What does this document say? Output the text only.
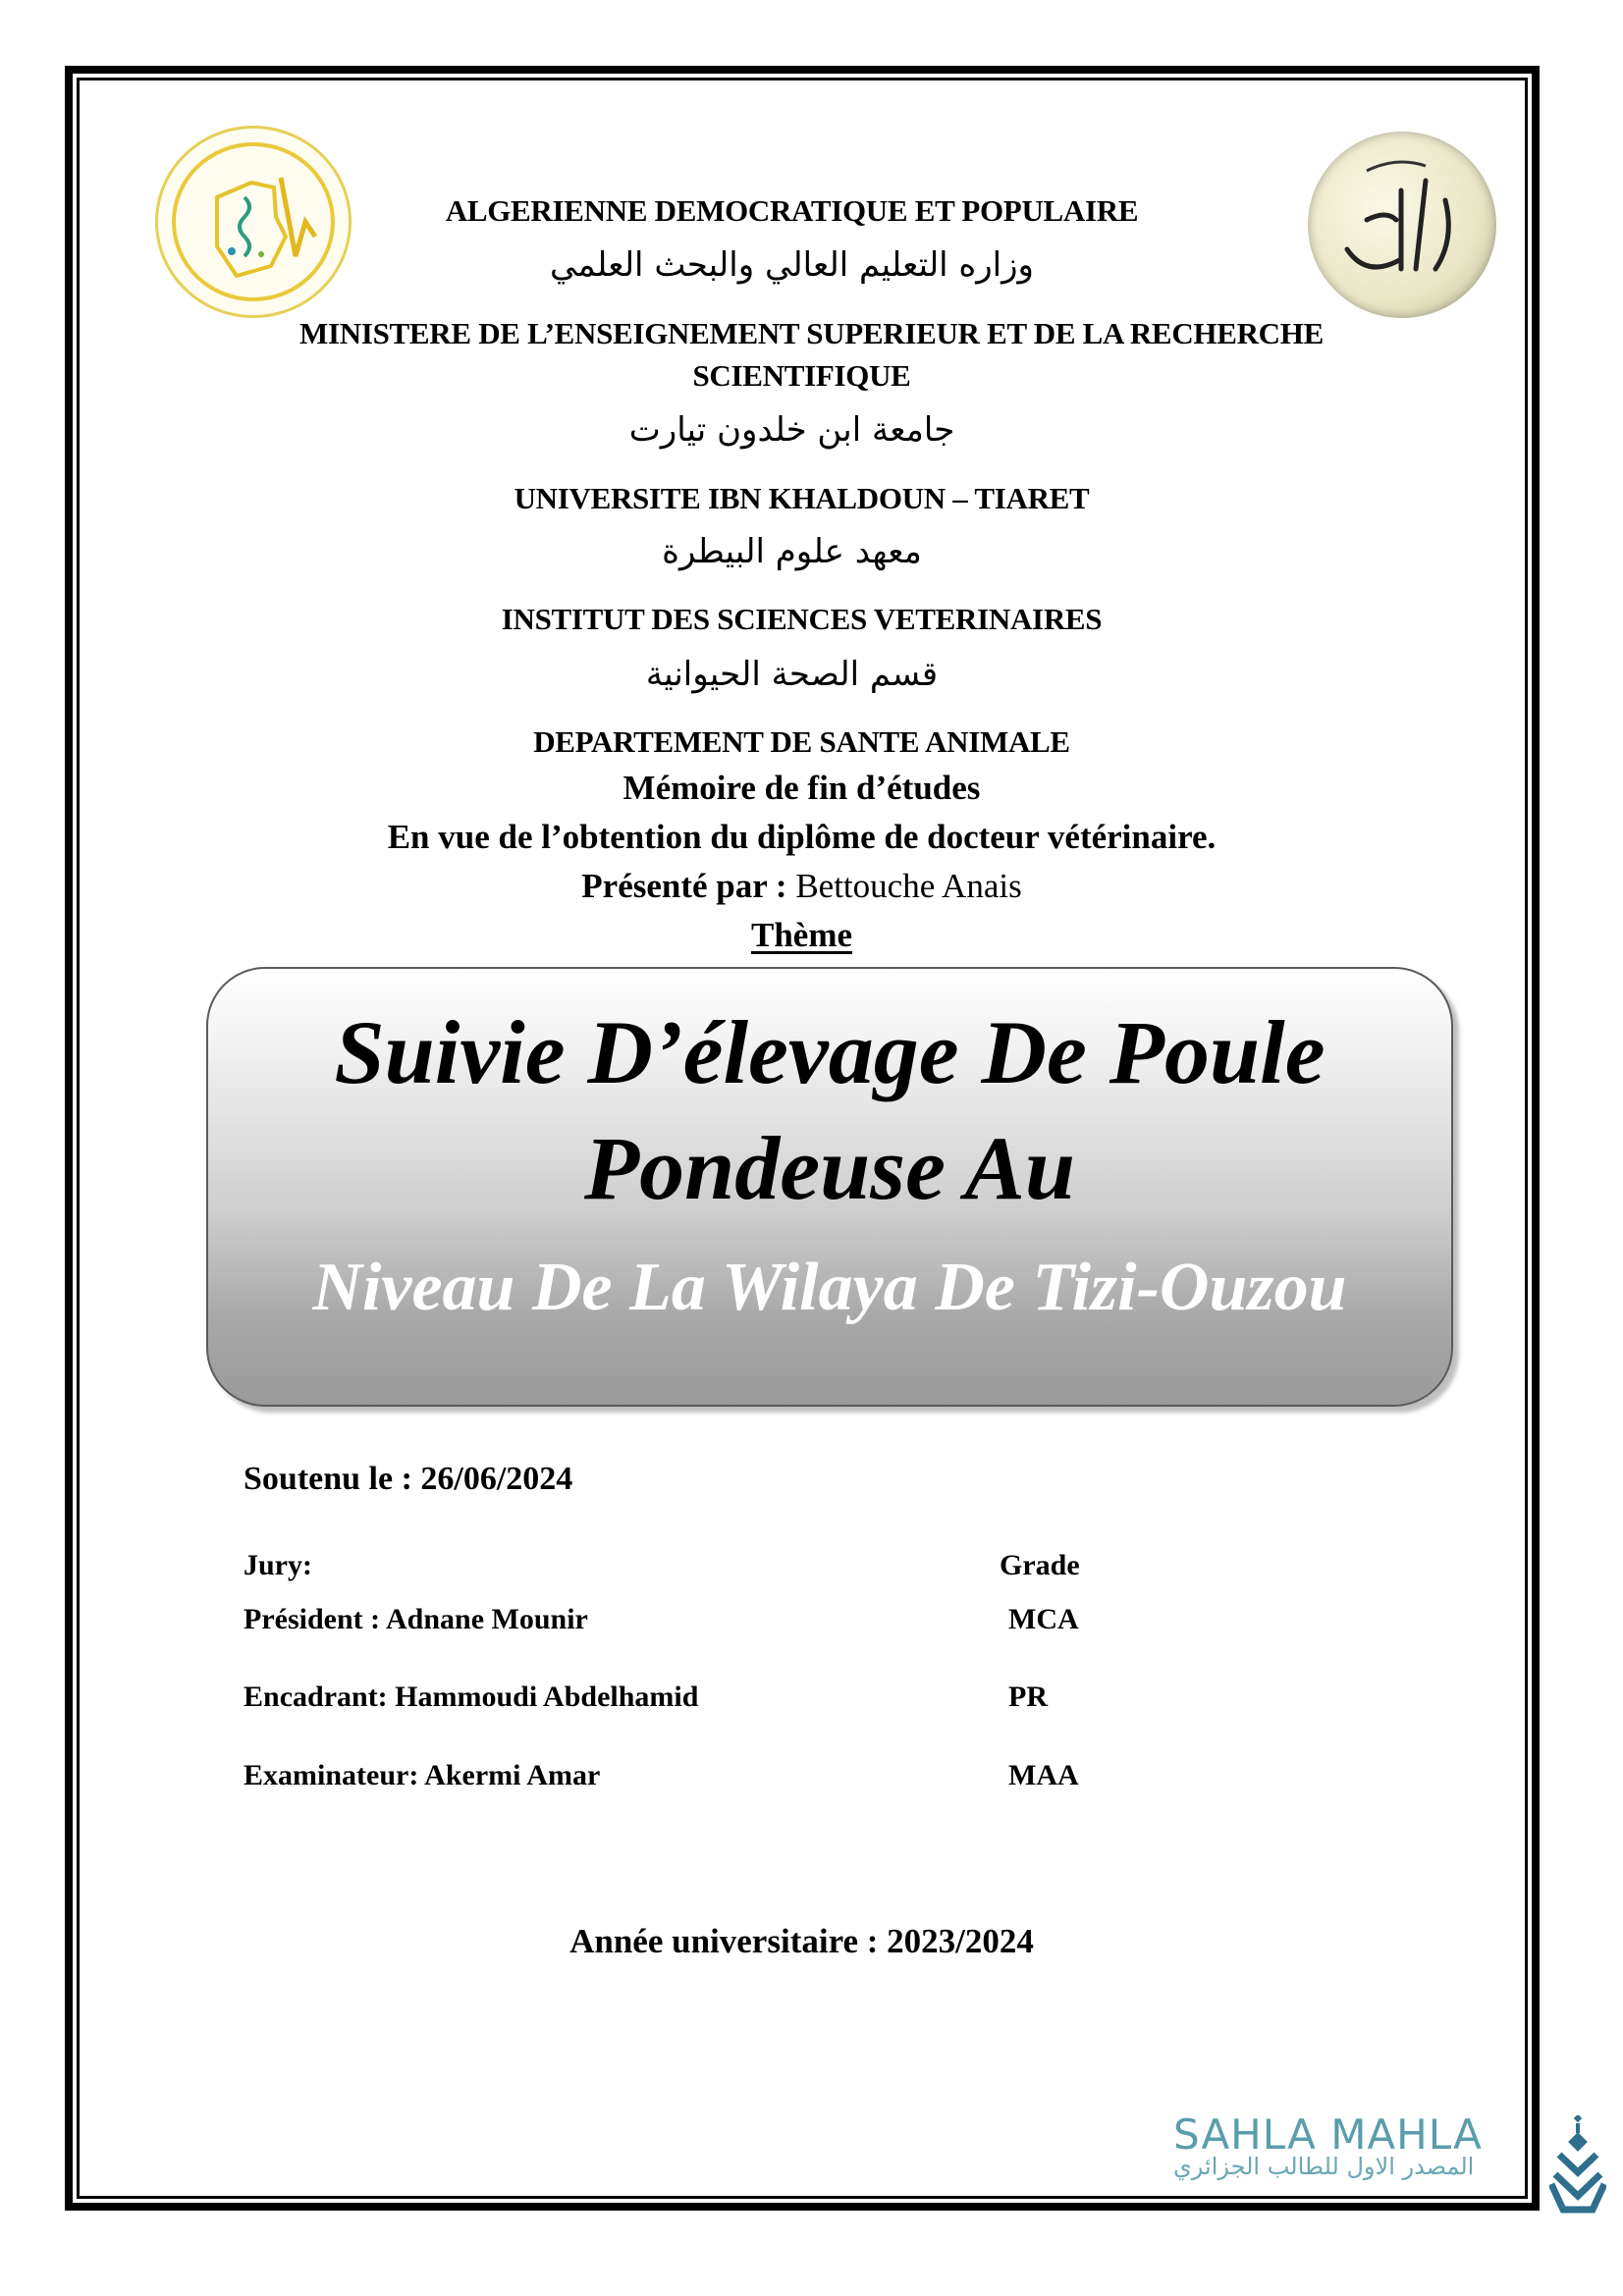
ALGERIENNE DEMOCRATIQUE ET POPULAIRE
وزاره التعليم العالي والبحث العلمي
MINISTERE DE L’ENSEIGNEMENT SUPERIEUR ET DE LA RECHERCHE
SCIENTIFIQUE
جامعة ابن خلدون تيارت
UNIVERSITE IBN KHALDOUN – TIARET
معهد علوم البيطرة
INSTITUT DES SCIENCES VETERINAIRES
قسم الصحة الحيوانية
DEPARTEMENT DE SANTE ANIMALE
Mémoire de fin d’études
En vue de l’obtention du diplôme de docteur vétérinaire.
Présenté par : Bettouche Anais
Thème
Suivie D’élevage De Poule
Pondeuse Au
Niveau De La Wilaya De Tizi-Ouzou
Soutenu le : 26/06/2024
Jury:	Grade
Président : Adnane Mounir	MCA
Encadrant: Hammoudi Abdelhamid	PR
Examinateur: Akermi Amar	MAA
Année universitaire : 2023/2024
SAHLA MAHLA
المصدر الاول للطالب الجزائري
